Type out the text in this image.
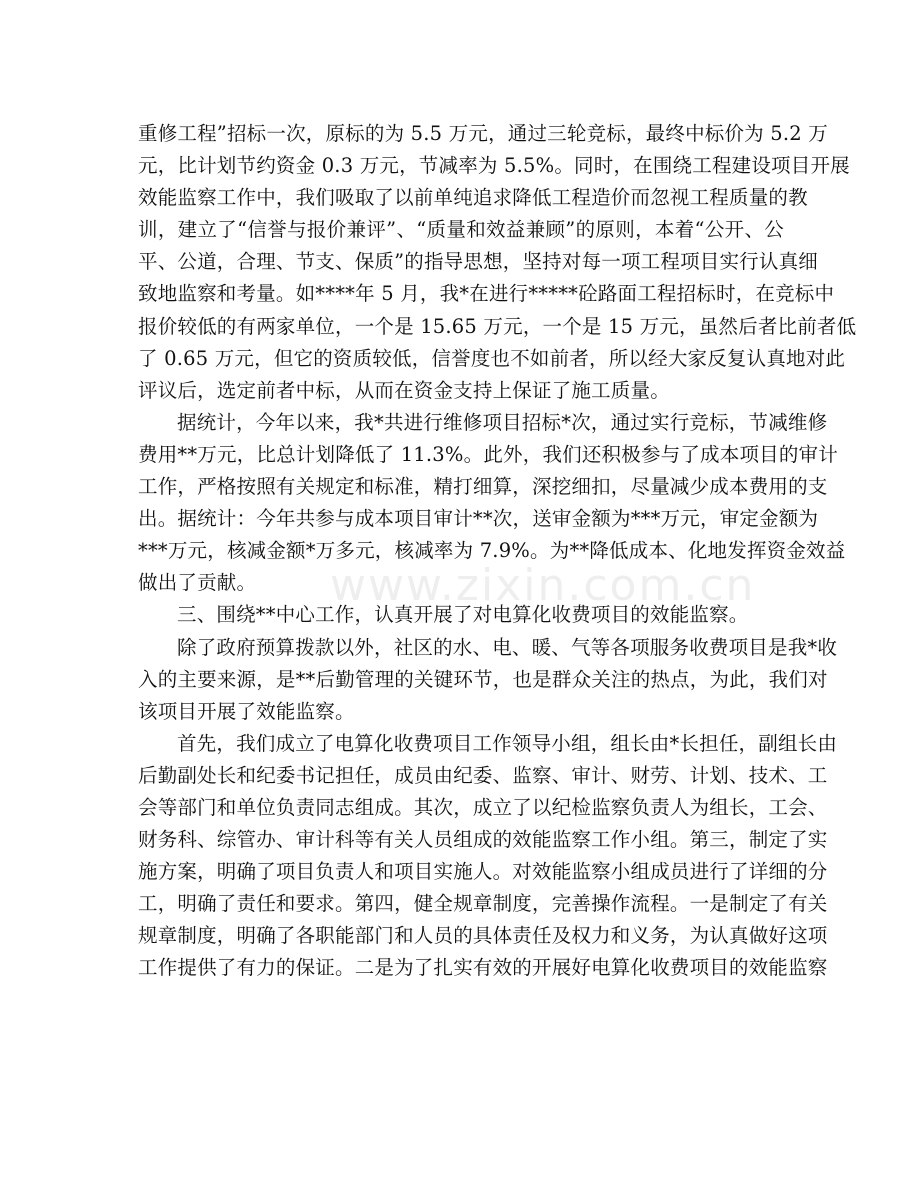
www.zixin.com.cn
重修工程”招标一次，原标的为 5.5 万元，通过三轮竞标，最终中标价为 5.2 万
元，比计划节约资金 0.3 万元，节减率为 5.5%。同时，在围绕工程建设项目开展
效能监察工作中，我们吸取了以前单纯追求降低工程造价而忽视工程质量的教
训，建立了“信誉与报价兼评”、“质量和效益兼顾”的原则，本着“公开、公
平、公道，合理、节支、保质”的指导思想，坚持对每一项工程项目实行认真细
致地监察和考量。如****年 5 月，我*在进行*****砼路面工程招标时，在竞标中
报价较低的有两家单位，一个是 15.65 万元，一个是 15 万元，虽然后者比前者低
了 0.65 万元，但它的资质较低，信誉度也不如前者，所以经大家反复认真地对此
评议后，选定前者中标，从而在资金支持上保证了施工质量。
据统计，今年以来，我*共进行维修项目招标*次，通过实行竞标，节减维修
费用**万元，比总计划降低了 11.3%。此外，我们还积极参与了成本项目的审计
工作，严格按照有关规定和标准，精打细算，深挖细扣，尽量减少成本费用的支
出。据统计：今年共参与成本项目审计**次，送审金额为***万元，审定金额为
***万元，核减金额*万多元，核减率为 7.9%。为**降低成本、化地发挥资金效益
做出了贡献。
三、围绕**中心工作，认真开展了对电算化收费项目的效能监察。
除了政府预算拨款以外，社区的水、电、暖、气等各项服务收费项目是我*收
入的主要来源，是**后勤管理的关键环节，也是群众关注的热点，为此，我们对
该项目开展了效能监察。
首先，我们成立了电算化收费项目工作领导小组，组长由*长担任，副组长由
后勤副处长和纪委书记担任，成员由纪委、监察、审计、财劳、计划、技术、工
会等部门和单位负责同志组成。其次，成立了以纪检监察负责人为组长，工会、
财务科、综管办、审计科等有关人员组成的效能监察工作小组。第三，制定了实
施方案，明确了项目负责人和项目实施人。对效能监察小组成员进行了详细的分
工，明确了责任和要求。第四，健全规章制度，完善操作流程。一是制定了有关
规章制度，明确了各职能部门和人员的具体责任及权力和义务，为认真做好这项
工作提供了有力的保证。二是为了扎实有效的开展好电算化收费项目的效能监察
